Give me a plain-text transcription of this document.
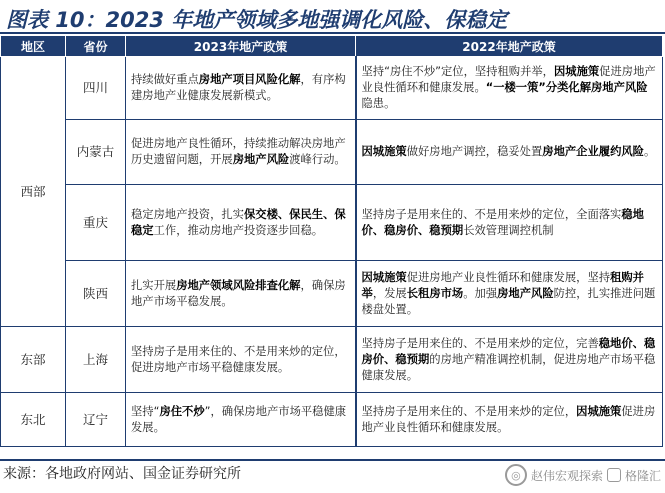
图表 10：2023 年地产领域多地强调化风险、保稳定
地区	省份	2023年地产政策	2022年地产政策
西部	四川	持续做好重点房地产项目风险化解，有序构建房地产业健康发展新模式。	坚持“房住不炒”定位，坚持租购并举，因城施策促进房地产业良性循环和健康发展。“一楼一策”分类化解房地产风险隐患。
	内蒙古	促进房地产良性循环，持续推动解决房地产历史遗留问题，开展房地产风险渡峰行动。	因城施策做好房地产调控，稳妥处置房地产企业履约风险。
	重庆	稳定房地产投资，扎实保交楼、保民生、保稳定工作，推动房地产投资逐步回稳。	坚持房子是用来住的、不是用来炒的定位，全面落实稳地价、稳房价、稳预期长效管理调控机制
	陕西	扎实开展房地产领域风险排查化解，确保房地产市场平稳发展。	因城施策促进房地产业良性循环和健康发展，坚持租购并举，发展长租房市场。加强房地产风险防控，扎实推进问题楼盘处置。
东部	上海	坚持房子是用来住的、不是用来炒的定位，促进房地产市场平稳健康发展。	坚持房子是用来住的、不是用来炒的定位，完善稳地价、稳房价、稳预期的房地产精准调控机制，促进房地产市场平稳健康发展。
东北	辽宁	坚持“房住不炒”，确保房地产市场平稳健康发展。	坚持房子是用来住的、不是用来炒的定位，因城施策促进房地产业良性循环和健康发展。
来源：各地政府网站、国金证券研究所	◎ 赵伟宏观探索 格隆汇
